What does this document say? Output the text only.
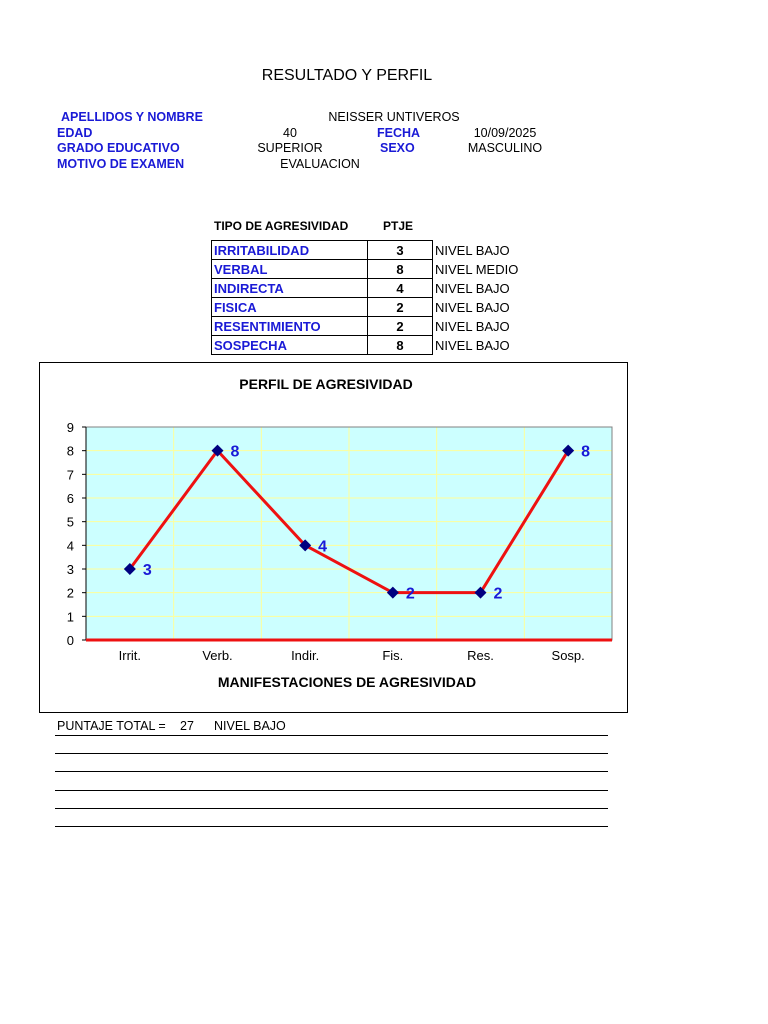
RESULTADO Y PERFIL
APELLIDOS Y NOMBRE	NEISSER UNTIVEROS
EDAD	40	FECHA	10/09/2025
GRADO EDUCATIVO	SUPERIOR	SEXO	MASCULINO
MOTIVO DE EXAMEN	EVALUACION
TIPO DE AGRESIVIDAD	PTJE
IRRITABILIDAD	3	NIVEL BAJO
VERBAL	8	NIVEL MEDIO
INDIRECTA	4	NIVEL BAJO
FISICA	2	NIVEL BAJO
RESENTIMIENTO	2	NIVEL BAJO
SOSPECHA	8	NIVEL BAJO
PERFIL DE AGRESIVIDAD
MANIFESTACIONES DE AGRESIVIDAD
0
1
2
3
4
5
6
7
8
9
Irrit.	Verb.	Indir.	Fis.	Res.	Sosp.
3
8
4
2	2
8
PUNTAJE TOTAL = 27 NIVEL BAJO
